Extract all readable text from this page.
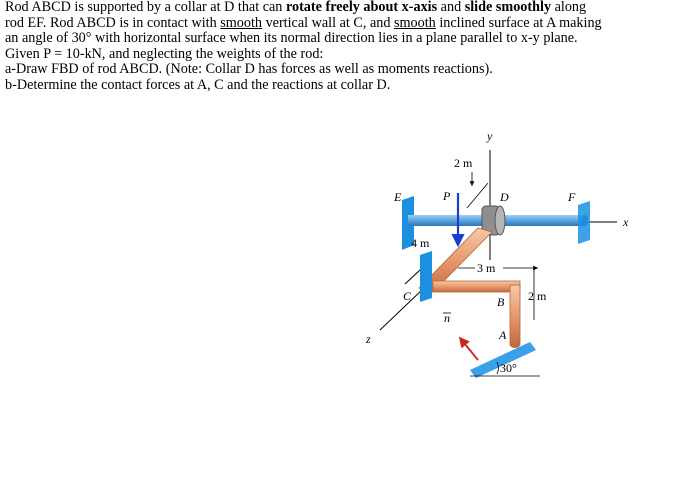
Rod ABCD is supported by a collar at D that can rotate freely about x-axis and slide smoothly along

rod EF. Rod ABCD is in contact with smooth vertical wall at C, and smooth inclined surface at A making

an angle of 30° with horizontal surface when its normal direction lies in a plane parallel to x-y plane.

Given P = 10-kN, and neglecting the weights of the rod:

a-Draw FBD of rod ABCD. (Note: Collar D has forces as well as moments reactions).

b-Determine the contact forces at A, C and the reactions at collar D.

y
x
z
n
P
E	D	F
C	B
A
2 m
4 m
3 m
2 m
30°
